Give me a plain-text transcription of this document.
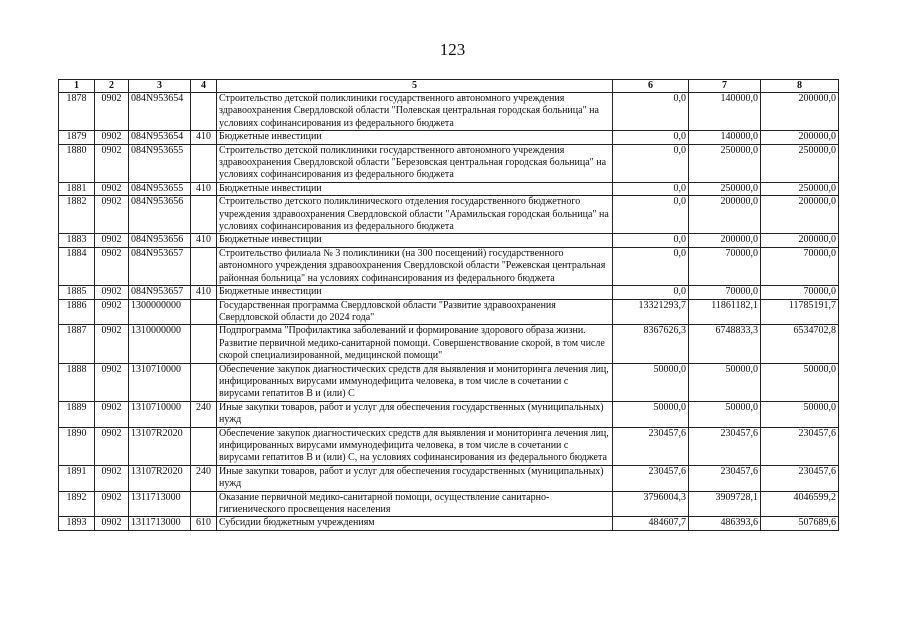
123
1	2	3	4	5	6	7	8
1878	0902	084N953654		Строительство детской поликлиники государственного автономного учреждения здравоохранения Свердловской области "Полевская центральная городская больница" на условиях софинансирования из федерального бюджета	0,0	140000,0	200000,0
1879	0902	084N953654	410	Бюджетные инвестиции	0,0	140000,0	200000,0
1880	0902	084N953655		Строительство детской поликлиники государственного автономного учреждения здравоохранения Свердловской области "Березовская центральная городская больница" на условиях софинансирования из федерального бюджета	0,0	250000,0	250000,0
1881	0902	084N953655	410	Бюджетные инвестиции	0,0	250000,0	250000,0
1882	0902	084N953656		Строительство детского поликлинического отделения государственного бюджетного учреждения здравоохранения Свердловской области "Арамильская городская больница" на условиях софинансирования из федерального бюджета	0,0	200000,0	200000,0
1883	0902	084N953656	410	Бюджетные инвестиции	0,0	200000,0	200000,0
1884	0902	084N953657		Строительство филиала № 3 поликлиники (на 300 посещений) государственного автономного учреждения здравоохранения Свердловской области "Режевская центральная районная больница" на условиях софинансирования из федерального бюджета	0,0	70000,0	70000,0
1885	0902	084N953657	410	Бюджетные инвестиции	0,0	70000,0	70000,0
1886	0902	1300000000		Государственная программа Свердловской области "Развитие здравоохранения Свердловской области до 2024 года"	13321293,7	11861182,1	11785191,7
1887	0902	1310000000		Подпрограмма "Профилактика заболеваний и формирование здорового образа жизни. Развитие первичной медико-санитарной помощи. Совершенствование скорой, в том числе скорой специализированной, медицинской помощи"	8367626,3	6748833,3	6534702,8
1888	0902	1310710000		Обеспечение закупок диагностических средств для выявления и мониторинга лечения лиц, инфицированных вирусами иммунодефицита человека, в том числе в сочетании с вирусами гепатитов B и (или) C	50000,0	50000,0	50000,0
1889	0902	1310710000	240	Иные закупки товаров, работ и услуг для обеспечения государственных (муниципальных) нужд	50000,0	50000,0	50000,0
1890	0902	13107R2020		Обеспечение закупок диагностических средств для выявления и мониторинга лечения лиц, инфицированных вирусами иммунодефицита человека, в том числе в сочетании с вирусами гепатитов B и (или) C, на условиях софинансирования из федерального бюджета	230457,6	230457,6	230457,6
1891	0902	13107R2020	240	Иные закупки товаров, работ и услуг для обеспечения государственных (муниципальных) нужд	230457,6	230457,6	230457,6
1892	0902	1311713000		Оказание первичной медико-санитарной помощи, осуществление санитарно-гигиенического просвещения населения	3796004,3	3909728,1	4046599,2
1893	0902	1311713000	610	Субсидии бюджетным учреждениям	484607,7	486393,6	507689,6
